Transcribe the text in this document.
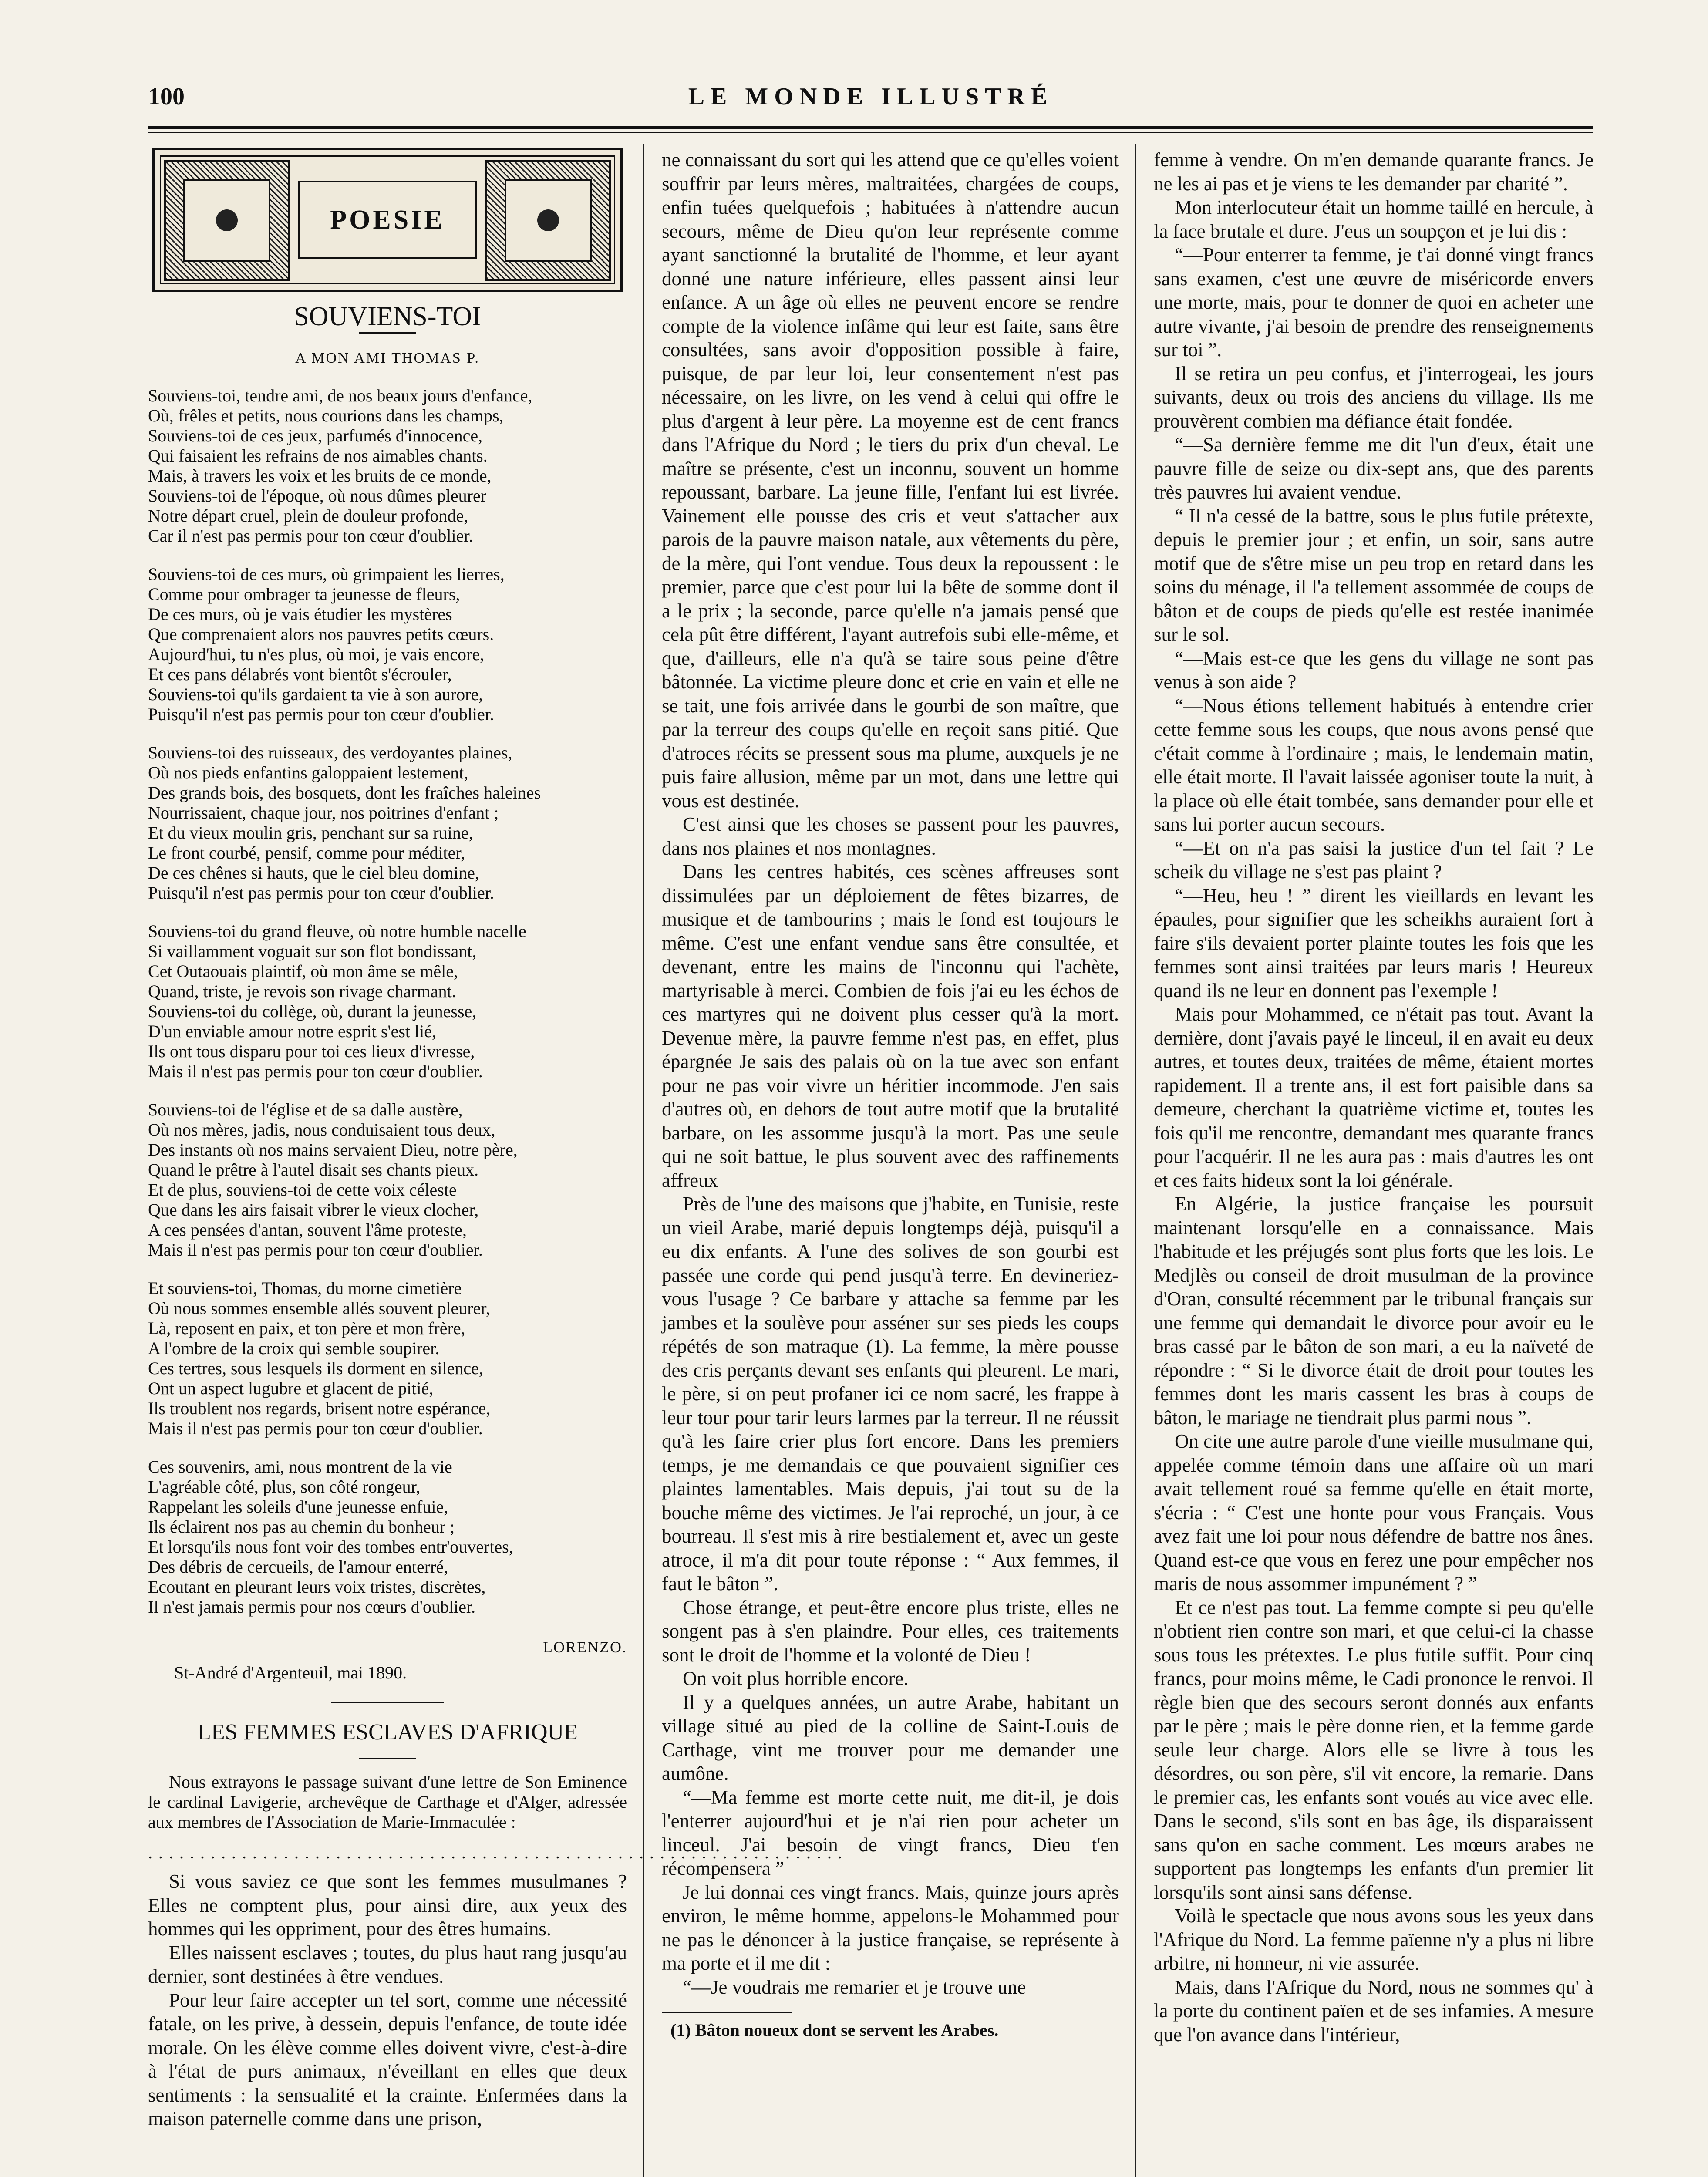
100	LE MONDE ILLUSTRÉ
POESIE
SOUVIENS-TOI
A MON AMI THOMAS P.
Souviens-toi, tendre ami, de nos beaux jours d'enfance,
Où, frêles et petits, nous courions dans les champs,
Souviens-toi de ces jeux, parfumés d'innocence,
Qui faisaient les refrains de nos aimables chants.
Mais, à travers les voix et les bruits de ce monde,
Souviens-toi de l'époque, où nous dûmes pleurer
Notre départ cruel, plein de douleur profonde,
Car il n'est pas permis pour ton cœur d'oublier.
Souviens-toi de ces murs, où grimpaient les lierres,
Comme pour ombrager ta jeunesse de fleurs,
De ces murs, où je vais étudier les mystères
Que comprenaient alors nos pauvres petits cœurs.
Aujourd'hui, tu n'es plus, où moi, je vais encore,
Et ces pans délabrés vont bientôt s'écrouler,
Souviens-toi qu'ils gardaient ta vie à son aurore,
Puisqu'il n'est pas permis pour ton cœur d'oublier.
Souviens-toi des ruisseaux, des verdoyantes plaines,
Où nos pieds enfantins galoppaient lestement,
Des grands bois, des bosquets, dont les fraîches haleines
Nourrissaient, chaque jour, nos poitrines d'enfant ;
Et du vieux moulin gris, penchant sur sa ruine,
Le front courbé, pensif, comme pour méditer,
De ces chênes si hauts, que le ciel bleu domine,
Puisqu'il n'est pas permis pour ton cœur d'oublier.
Souviens-toi du grand fleuve, où notre humble nacelle
Si vaillamment voguait sur son flot bondissant,
Cet Outaouais plaintif, où mon âme se mêle,
Quand, triste, je revois son rivage charmant.
Souviens-toi du collège, où, durant la jeunesse,
D'un enviable amour notre esprit s'est lié,
Ils ont tous disparu pour toi ces lieux d'ivresse,
Mais il n'est pas permis pour ton cœur d'oublier.
Souviens-toi de l'église et de sa dalle austère,
Où nos mères, jadis, nous conduisaient tous deux,
Des instants où nos mains servaient Dieu, notre père,
Quand le prêtre à l'autel disait ses chants pieux.
Et de plus, souviens-toi de cette voix céleste
Que dans les airs faisait vibrer le vieux clocher,
A ces pensées d'antan, souvent l'âme proteste,
Mais il n'est pas permis pour ton cœur d'oublier.
Et souviens-toi, Thomas, du morne cimetière
Où nous sommes ensemble allés souvent pleurer,
Là, reposent en paix, et ton père et mon frère,
A l'ombre de la croix qui semble soupirer.
Ces tertres, sous lesquels ils dorment en silence,
Ont un aspect lugubre et glacent de pitié,
Ils troublent nos regards, brisent notre espérance,
Mais il n'est pas permis pour ton cœur d'oublier.
Ces souvenirs, ami, nous montrent de la vie
L'agréable côté, plus, son côté rongeur,
Rappelant les soleils d'une jeunesse enfuie,
Ils éclairent nos pas au chemin du bonheur ;
Et lorsqu'ils nous font voir des tombes entr'ouvertes,
Des débris de cercueils, de l'amour enterré,
Ecoutant en pleurant leurs voix tristes, discrètes,
Il n'est jamais permis pour nos cœurs d'oublier.
LORENZO.
St-André d'Argenteuil, mai 1890.
LES FEMMES ESCLAVES D'AFRIQUE
Nous extrayons le passage suivant d'une lettre de Son Eminence le cardinal Lavigerie, archevêque de Carthage et d'Alger, adressée aux membres de l'Association de Marie-Immaculée :
...................................................................

Si vous saviez ce que sont les femmes musulmanes ? Elles ne comptent plus, pour ainsi dire, aux yeux des hommes qui les oppriment, pour des êtres humains.

Elles naissent esclaves ; toutes, du plus haut rang jusqu'au dernier, sont destinées à être vendues.

Pour leur faire accepter un tel sort, comme une nécessité fatale, on les prive, à dessein, depuis l'enfance, de toute idée morale. On les élève comme elles doivent vivre, c'est-à-dire à l'état de purs animaux, n'éveillant en elles que deux sentiments : la sensualité et la crainte. Enfermées dans la maison paternelle comme dans une prison,

ne connaissant du sort qui les attend que ce qu'elles voient souffrir par leurs mères, maltraitées, chargées de coups, enfin tuées quelquefois ; habituées à n'attendre aucun secours, même de Dieu qu'on leur représente comme ayant sanctionné la brutalité de l'homme, et leur ayant donné une nature inférieure, elles passent ainsi leur enfance. A un âge où elles ne peuvent encore se rendre compte de la violence infâme qui leur est faite, sans être consultées, sans avoir d'opposition possible à faire, puisque, de par leur loi, leur consentement n'est pas nécessaire, on les livre, on les vend à celui qui offre le plus d'argent à leur père. La moyenne est de cent francs dans l'Afrique du Nord ; le tiers du prix d'un cheval. Le maître se présente, c'est un inconnu, souvent un homme repoussant, barbare. La jeune fille, l'enfant lui est livrée. Vainement elle pousse des cris et veut s'attacher aux parois de la pauvre maison natale, aux vêtements du père, de la mère, qui l'ont vendue. Tous deux la repoussent : le premier, parce que c'est pour lui la bête de somme dont il a le prix ; la seconde, parce qu'elle n'a jamais pensé que cela pût être différent, l'ayant autrefois subi elle-même, et que, d'ailleurs, elle n'a qu'à se taire sous peine d'être bâtonnée. La victime pleure donc et crie en vain et elle ne se tait, une fois arrivée dans le gourbi de son maître, que par la terreur des coups qu'elle en reçoit sans pitié. Que d'atroces récits se pressent sous ma plume, auxquels je ne puis faire allusion, même par un mot, dans une lettre qui vous est destinée.

C'est ainsi que les choses se passent pour les pauvres, dans nos plaines et nos montagnes.

Dans les centres habités, ces scènes affreuses sont dissimulées par un déploiement de fêtes bizarres, de musique et de tambourins ; mais le fond est toujours le même. C'est une enfant vendue sans être consultée, et devenant, entre les mains de l'inconnu qui l'achète, martyrisable à merci. Combien de fois j'ai eu les échos de ces martyres qui ne doivent plus cesser qu'à la mort. Devenue mère, la pauvre femme n'est pas, en effet, plus épargnée Je sais des palais où on la tue avec son enfant pour ne pas voir vivre un héritier incommode. J'en sais d'autres où, en dehors de tout autre motif que la brutalité barbare, on les assomme jusqu'à la mort. Pas une seule qui ne soit battue, le plus souvent avec des raffinements affreux

Près de l'une des maisons que j'habite, en Tunisie, reste un vieil Arabe, marié depuis longtemps déjà, puisqu'il a eu dix enfants. A l'une des solives de son gourbi est passée une corde qui pend jusqu'à terre. En devineriez-vous l'usage ? Ce barbare y attache sa femme par les jambes et la soulève pour asséner sur ses pieds les coups répétés de son matraque (1). La femme, la mère pousse des cris perçants devant ses enfants qui pleurent. Le mari, le père, si on peut profaner ici ce nom sacré, les frappe à leur tour pour tarir leurs larmes par la terreur. Il ne réussit qu'à les faire crier plus fort encore. Dans les premiers temps, je me demandais ce que pouvaient signifier ces plaintes lamentables. Mais depuis, j'ai tout su de la bouche même des victimes. Je l'ai reproché, un jour, à ce bourreau. Il s'est mis à rire bestialement et, avec un geste atroce, il m'a dit pour toute réponse : “ Aux femmes, il faut le bâton ”.

Chose étrange, et peut-être encore plus triste, elles ne songent pas à s'en plaindre. Pour elles, ces traitements sont le droit de l'homme et la volonté de Dieu !

On voit plus horrible encore.

Il y a quelques années, un autre Arabe, habitant un village situé au pied de la colline de Saint-Louis de Carthage, vint me trouver pour me demander une aumône.

“—Ma femme est morte cette nuit, me dit-il, je dois l'enterrer aujourd'hui et je n'ai rien pour acheter un linceul. J'ai besoin de vingt francs, Dieu t'en récompensera ”

Je lui donnai ces vingt francs. Mais, quinze jours après environ, le même homme, appelons-le Mohammed pour ne pas le dénoncer à la justice française, se représente à ma porte et il me dit :

“—Je voudrais me remarier et je trouve une

(1) Bâton noueux dont se servent les Arabes.

femme à vendre. On m'en demande quarante francs. Je ne les ai pas et je viens te les demander par charité ”.

Mon interlocuteur était un homme taillé en hercule, à la face brutale et dure. J'eus un soupçon et je lui dis :

“—Pour enterrer ta femme, je t'ai donné vingt francs sans examen, c'est une œuvre de miséricorde envers une morte, mais, pour te donner de quoi en acheter une autre vivante, j'ai besoin de prendre des renseignements sur toi ”.

Il se retira un peu confus, et j'interrogeai, les jours suivants, deux ou trois des anciens du village. Ils me prouvèrent combien ma défiance était fondée.

“—Sa dernière femme me dit l'un d'eux, était une pauvre fille de seize ou dix-sept ans, que des parents très pauvres lui avaient vendue.

“ Il n'a cessé de la battre, sous le plus futile prétexte, depuis le premier jour ; et enfin, un soir, sans autre motif que de s'être mise un peu trop en retard dans les soins du ménage, il l'a tellement assommée de coups de bâton et de coups de pieds qu'elle est restée inanimée sur le sol.

“—Mais est-ce que les gens du village ne sont pas venus à son aide ?

“—Nous étions tellement habitués à entendre crier cette femme sous les coups, que nous avons pensé que c'était comme à l'ordinaire ; mais, le lendemain matin, elle était morte. Il l'avait laissée agoniser toute la nuit, à la place où elle était tombée, sans demander pour elle et sans lui porter aucun secours.

“—Et on n'a pas saisi la justice d'un tel fait ? Le scheik du village ne s'est pas plaint ?

“—Heu, heu ! ” dirent les vieillards en levant les épaules, pour signifier que les scheikhs auraient fort à faire s'ils devaient porter plainte toutes les fois que les femmes sont ainsi traitées par leurs maris ! Heureux quand ils ne leur en donnent pas l'exemple !

Mais pour Mohammed, ce n'était pas tout. Avant la dernière, dont j'avais payé le linceul, il en avait eu deux autres, et toutes deux, traitées de même, étaient mortes rapidement. Il a trente ans, il est fort paisible dans sa demeure, cherchant la quatrième victime et, toutes les fois qu'il me rencontre, demandant mes quarante francs pour l'acquérir. Il ne les aura pas : mais d'autres les ont et ces faits hideux sont la loi générale.

En Algérie, la justice française les poursuit maintenant lorsqu'elle en a connaissance. Mais l'habitude et les préjugés sont plus forts que les lois. Le Medjlès ou conseil de droit musulman de la province d'Oran, consulté récemment par le tribunal français sur une femme qui demandait le divorce pour avoir eu le bras cassé par le bâton de son mari, a eu la naïveté de répondre : “ Si le divorce était de droit pour toutes les femmes dont les maris cassent les bras à coups de bâton, le mariage ne tiendrait plus parmi nous ”.

On cite une autre parole d'une vieille musulmane qui, appelée comme témoin dans une affaire où un mari avait tellement roué sa femme qu'elle en était morte, s'écria : “ C'est une honte pour vous Français. Vous avez fait une loi pour nous défendre de battre nos ânes. Quand est-ce que vous en ferez une pour empêcher nos maris de nous assommer impunément ? ”

Et ce n'est pas tout. La femme compte si peu qu'elle n'obtient rien contre son mari, et que celui-ci la chasse sous tous les prétextes. Le plus futile suffit. Pour cinq francs, pour moins même, le Cadi prononce le renvoi. Il règle bien que des secours seront donnés aux enfants par le père ; mais le père donne rien, et la femme garde seule leur charge. Alors elle se livre à tous les désordres, ou son père, s'il vit encore, la remarie. Dans le premier cas, les enfants sont voués au vice avec elle. Dans le second, s'ils sont en bas âge, ils disparaissent sans qu'on en sache comment. Les mœurs arabes ne supportent pas longtemps les enfants d'un premier lit lorsqu'ils sont ainsi sans défense.

Voilà le spectacle que nous avons sous les yeux dans l'Afrique du Nord. La femme païenne n'y a plus ni libre arbitre, ni honneur, ni vie assurée.

Mais, dans l'Afrique du Nord, nous ne sommes qu' à la porte du continent païen et de ses infamies. A mesure que l'on avance dans l'intérieur,
